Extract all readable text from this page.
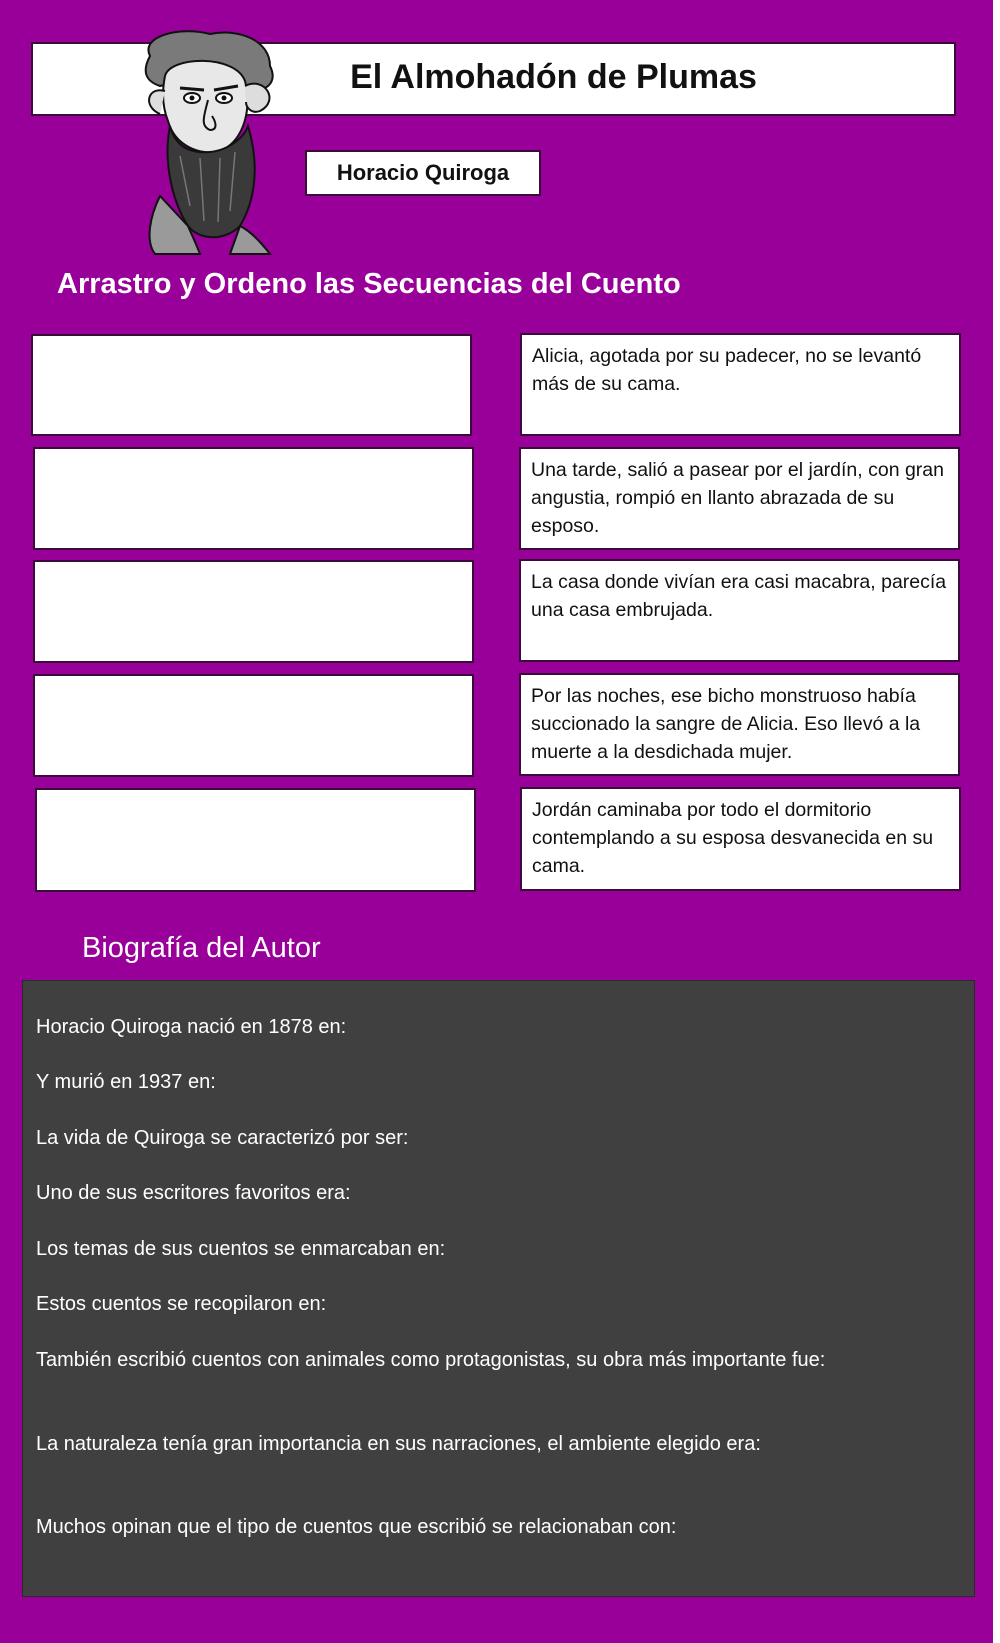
El Almohadón de Plumas
Horacio Quiroga
Arrastro y Ordeno las Secuencias del Cuento
Alicia, agotada por su padecer, no se levantó más de su cama.
Una tarde, salió a pasear por el jardín, con gran angustia, rompió en llanto abrazada de su esposo.
La casa donde vivían era casi macabra, parecía una casa embrujada.
Por las noches, ese bicho monstruoso había succionado la sangre de Alicia. Eso llevó a la muerte a la desdichada mujer.
Jordán caminaba por todo el dormitorio contemplando a su esposa desvanecida en su cama.
Biografía del Autor
Horacio Quiroga nació en 1878 en:
Y murió en 1937 en:
La vida de Quiroga se caracterizó por ser:
Uno de sus escritores favoritos era:
Los temas de sus cuentos se enmarcaban en:
Estos cuentos se recopilaron en:
También escribió cuentos con animales como protagonistas, su obra más importante fue:
La naturaleza tenía gran importancia en sus narraciones, el ambiente elegido era:
Muchos opinan que el tipo de cuentos que escribió se relacionaban con:
